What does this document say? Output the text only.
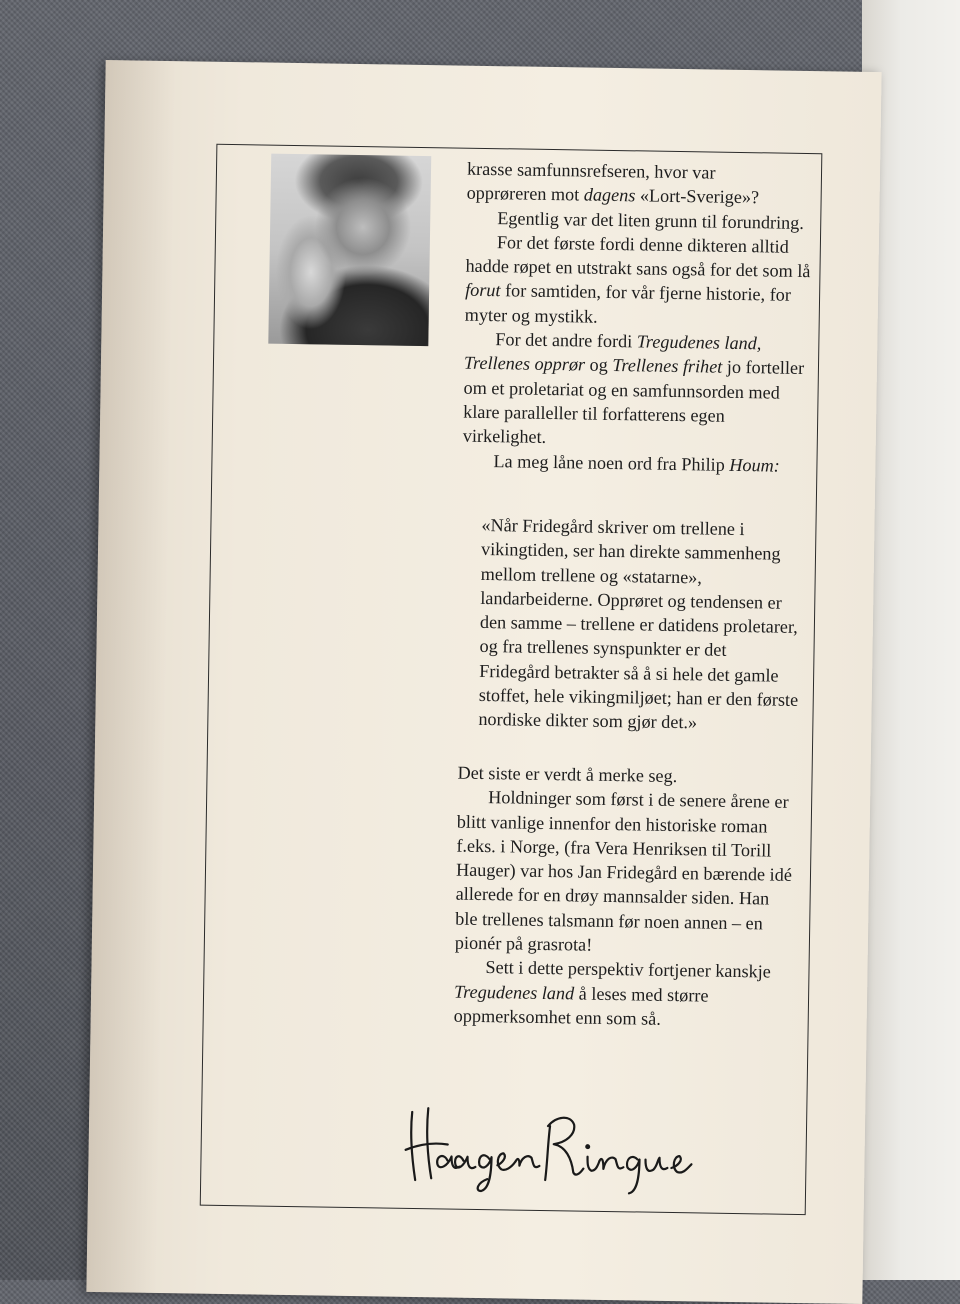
krasse samfunnsrefseren, hvor var
opprøreren mot dagens «Lort-Sverige»?

Egentlig var det liten grunn til forundring.

For det første fordi denne dikteren alltid hadde røpet en utstrakt sans også for det som lå forut for samtiden, for vår fjerne historie, for myter og mystikk.

For det andre fordi Tregudenes land, Trellenes opprør og Trellenes frihet jo forteller om et proletariat og en samfunnsorden med klare paralleller til forfatterens egen virkelighet.

La meg låne noen ord fra Philip Houm:

«Når Fridegård skriver om trellene i vikingtiden, ser han direkte sammenheng mellom trellene og «statarne», landarbeiderne. Opprøret og tendensen er den samme – trellene er datidens proletarer, og fra trellenes synspunkter er det Fridegård betrakter så å si hele det gamle stoffet, hele vikingmiljøet; han er den første nordiske dikter som gjør det.»

Det siste er verdt å merke seg.

Holdninger som først i de senere årene er blitt vanlige innenfor den historiske roman f.eks. i Norge, (fra Vera Henriksen til Torill Hauger) var hos Jan Fridegård en bærende idé allerede for en drøy mannsalder siden. Han ble trellenes talsmann før noen annen – en pionér på grasrota!

Sett i dette perspektiv fortjener kanskje Tregudenes land å leses med større oppmerksomhet enn som så.
